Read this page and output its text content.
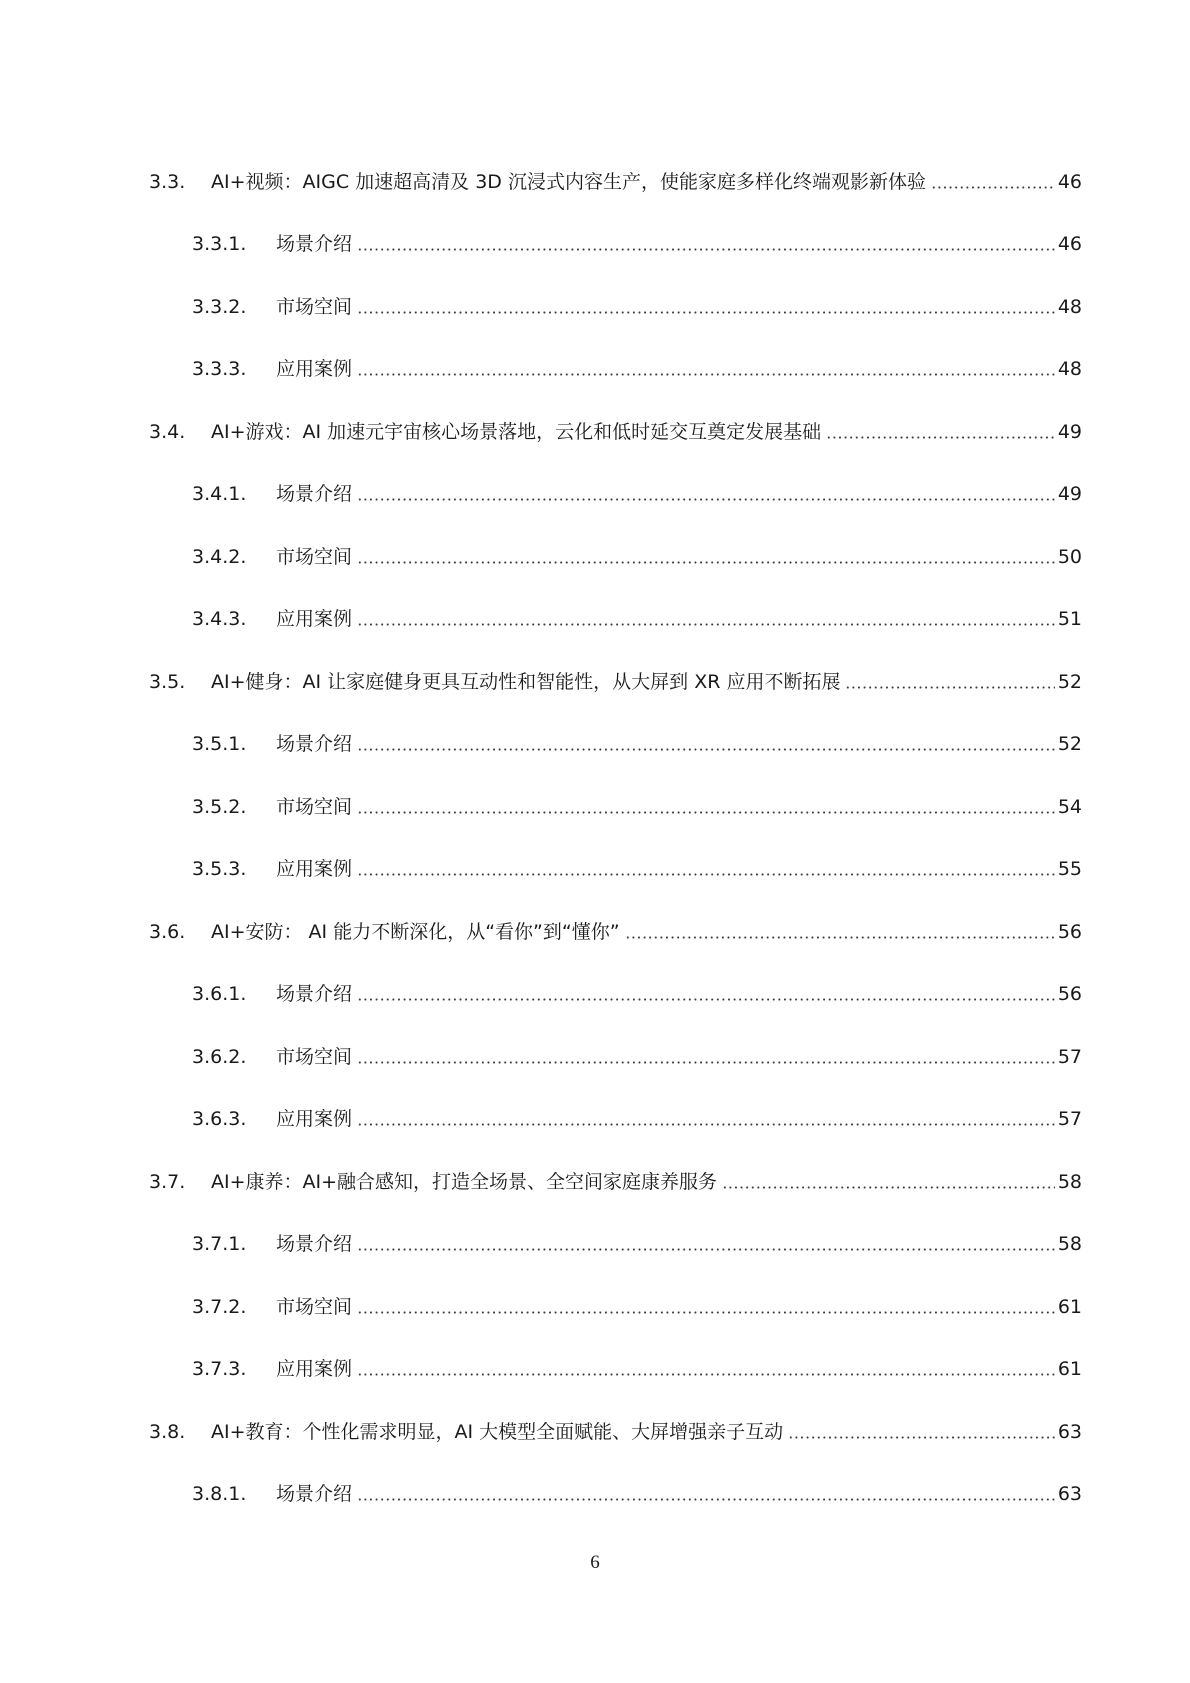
3.3.	AI+视频：AIGC 加速超高清及 3D 沉浸式内容生产，使能家庭多样化终端观影新体验	46
3.3.1.	场景介绍	46
3.3.2.	市场空间	48
3.3.3.	应用案例	48
3.4.	AI+游戏：AI 加速元宇宙核心场景落地，云化和低时延交互奠定发展基础	49
3.4.1.	场景介绍	49
3.4.2.	市场空间	50
3.4.3.	应用案例	51
3.5.	AI+健身：AI 让家庭健身更具互动性和智能性，从大屏到 XR 应用不断拓展	52
3.5.1.	场景介绍	52
3.5.2.	市场空间	54
3.5.3.	应用案例	55
3.6.	AI+安防： AI 能力不断深化，从“看你”到“懂你”	56
3.6.1.	场景介绍	56
3.6.2.	市场空间	57
3.6.3.	应用案例	57
3.7.	AI+康养：AI+融合感知，打造全场景、全空间家庭康养服务	58
3.7.1.	场景介绍	58
3.7.2.	市场空间	61
3.7.3.	应用案例	61
3.8.	AI+教育：个性化需求明显，AI 大模型全面赋能、大屏增强亲子互动	63
3.8.1.	场景介绍	63
6
